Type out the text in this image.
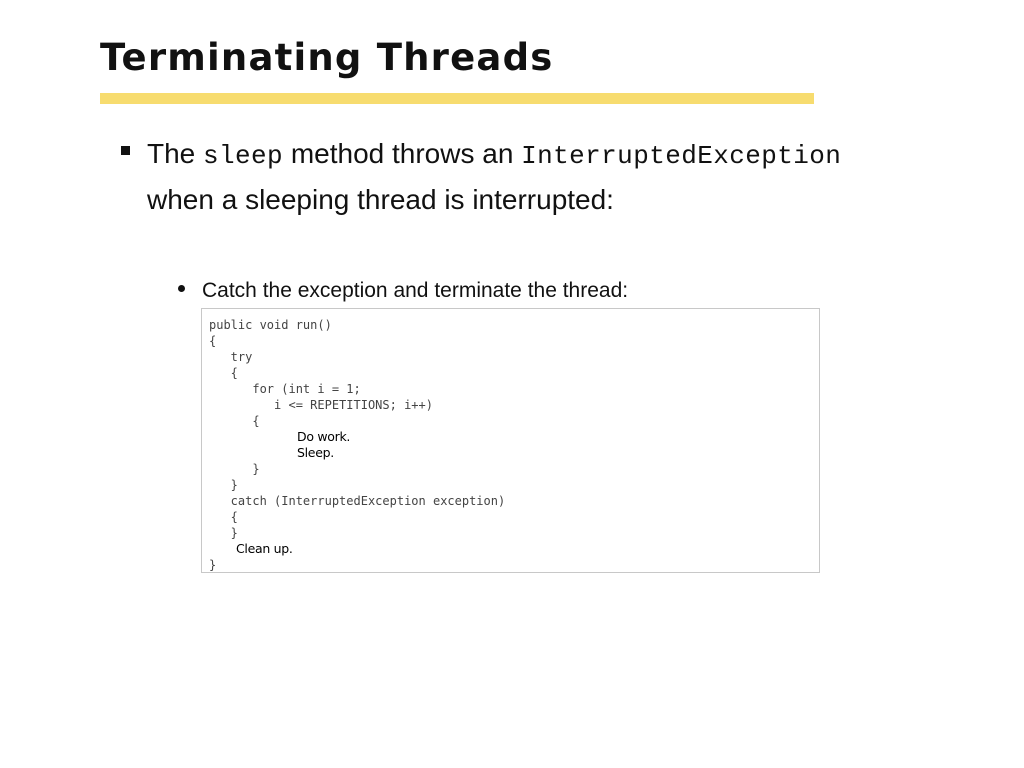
Terminating Threads
The sleep method throws an InterruptedException when a sleeping thread is interrupted:
Catch the exception and terminate the thread:
public void run()
{
try
{
for (int i = 1;
i <= REPETITIONS; i++)
{
Do work.
Sleep.
}
}
catch (InterruptedException exception)
{
}
Clean up.
}
